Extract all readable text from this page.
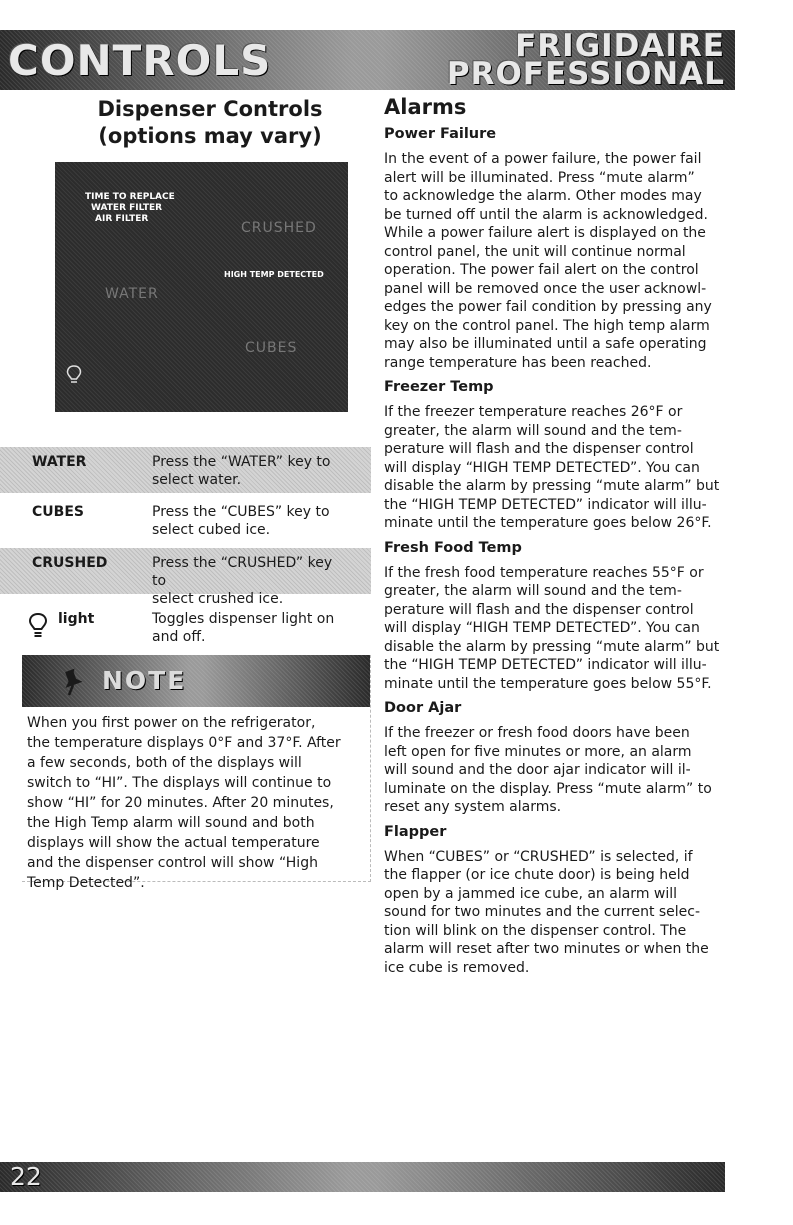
CONTROLS	FRIGIDAIRE
PROFESSIONAL
Dispenser Controls
(options may vary)
TIME TO REPLACE
WATER FILTER
AIR FILTER
CRUSHED
HIGH TEMP DETECTED
WATER
CUBES
WATER	Press the “WATER” key to
select water.
CUBES	Press the “CUBES” key to
select cubed ice.
CRUSHED	Press the “CRUSHED” key to
select crushed ice.
light	Toggles dispenser light on
and off.
NOTE
When you first power on the refrigerator,
the temperature displays 0°F and 37°F. After
a few seconds, both of the displays will
switch to “HI”. The displays will continue to
show “HI” for 20 minutes. After 20 minutes,
the High Temp alarm will sound and both
displays will show the actual temperature
and the dispenser control will show “High
Temp Detected”.
Alarms
Power Failure

In the event of a power failure, the power fail
alert will be illuminated. Press “mute alarm”
to acknowledge the alarm. Other modes may
be turned off until the alarm is acknowledged.
While a power failure alert is displayed on the
control panel, the unit will continue normal
operation. The power fail alert on the control
panel will be removed once the user acknowl-
edges the power fail condition by pressing any
key on the control panel. The high temp alarm
may also be illuminated until a safe operating
range temperature has been reached.

Freezer Temp

If the freezer temperature reaches 26°F or
greater, the alarm will sound and the tem-
perature will flash and the dispenser control
will display “HIGH TEMP DETECTED”. You can
disable the alarm by pressing “mute alarm” but
the “HIGH TEMP DETECTED” indicator will illu-
minate until the temperature goes below 26°F.

Fresh Food Temp

If the fresh food temperature reaches 55°F or
greater, the alarm will sound and the tem-
perature will flash and the dispenser control
will display “HIGH TEMP DETECTED”. You can
disable the alarm by pressing “mute alarm” but
the “HIGH TEMP DETECTED” indicator will illu-
minate until the temperature goes below 55°F.

Door Ajar

If the freezer or fresh food doors have been
left open for five minutes or more, an alarm
will sound and the door ajar indicator will il-
luminate on the display. Press “mute alarm” to
reset any system alarms.

Flapper

When “CUBES” or “CRUSHED” is selected, if
the flapper (or ice chute door) is being held
open by a jammed ice cube, an alarm will
sound for two minutes and the current selec-
tion will blink on the dispenser control. The
alarm will reset after two minutes or when the
ice cube is removed.

22
